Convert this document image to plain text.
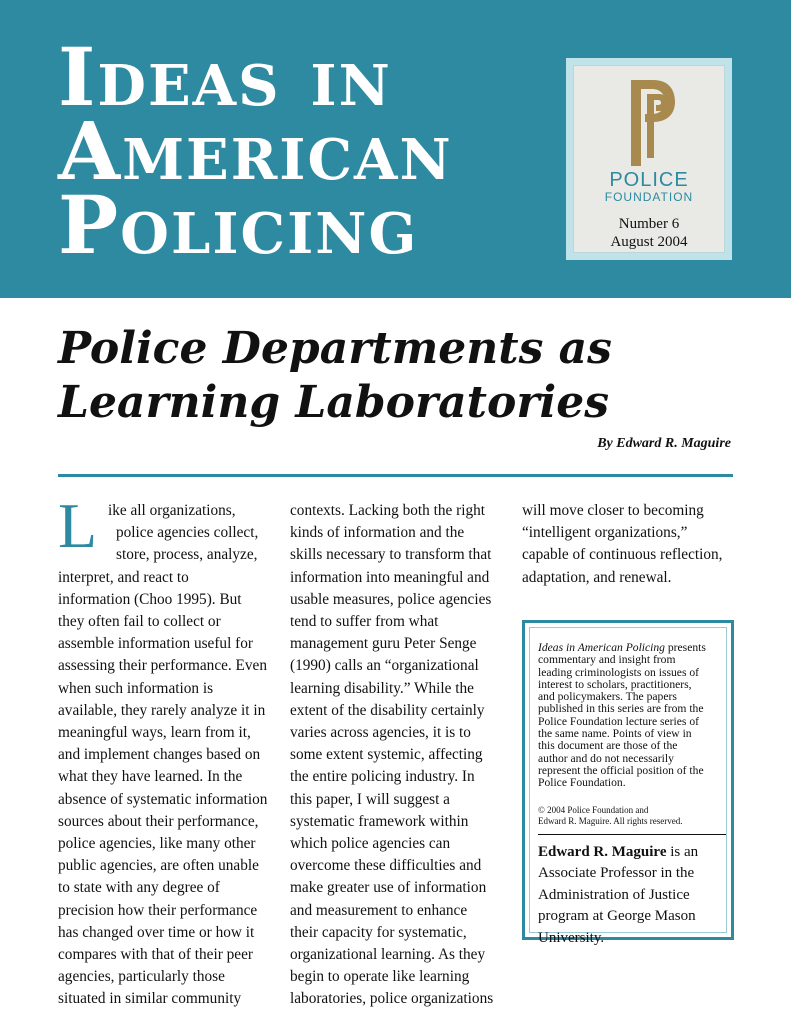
Ideas in
American
Policing	POLICE
FOUNDATION
Number 6
August 2004
Police Departments as
Learning Laboratories
By Edward R. Maguire
L ike all organizations,
police agencies collect,
store, process, analyze,
interpret, and react to
information (Choo 1995). But
they often fail to collect or
assemble information useful for
assessing their performance. Even
when such information is
available, they rarely analyze it in
meaningful ways, learn from it,
and implement changes based on
what they have learned. In the
absence of systematic information
sources about their performance,
police agencies, like many other
public agencies, are often unable
to state with any degree of
precision how their performance
has changed over time or how it
compares with that of their peer
agencies, particularly those
situated in similar community

contexts. Lacking both the right
kinds of information and the
skills necessary to transform that
information into meaningful and
usable measures, police agencies
tend to suffer from what
management guru Peter Senge
(1990) calls an “organizational
learning disability.” While the
extent of the disability certainly
varies across agencies, it is to
some extent systemic, affecting
the entire policing industry. In
this paper, I will suggest a
systematic framework within
which police agencies can
overcome these difficulties and
make greater use of information
and measurement to enhance
their capacity for systematic,
organizational learning. As they
begin to operate like learning
laboratories, police organizations

will move closer to becoming
“intelligent organizations,”
capable of continuous reflection,
adaptation, and renewal.

Ideas in American Policing presents
commentary and insight from
leading criminologists on issues of
interest to scholars, practitioners,
and policymakers. The papers
published in this series are from the
Police Foundation lecture series of
the same name. Points of view in
this document are those of the
author and do not necessarily
represent the official position of the
Police Foundation.

© 2004 Police Foundation and
Edward R. Maguire. All rights reserved.

Edward R. Maguire is an
Associate Professor in the
Administration of Justice
program at George Mason
University.
